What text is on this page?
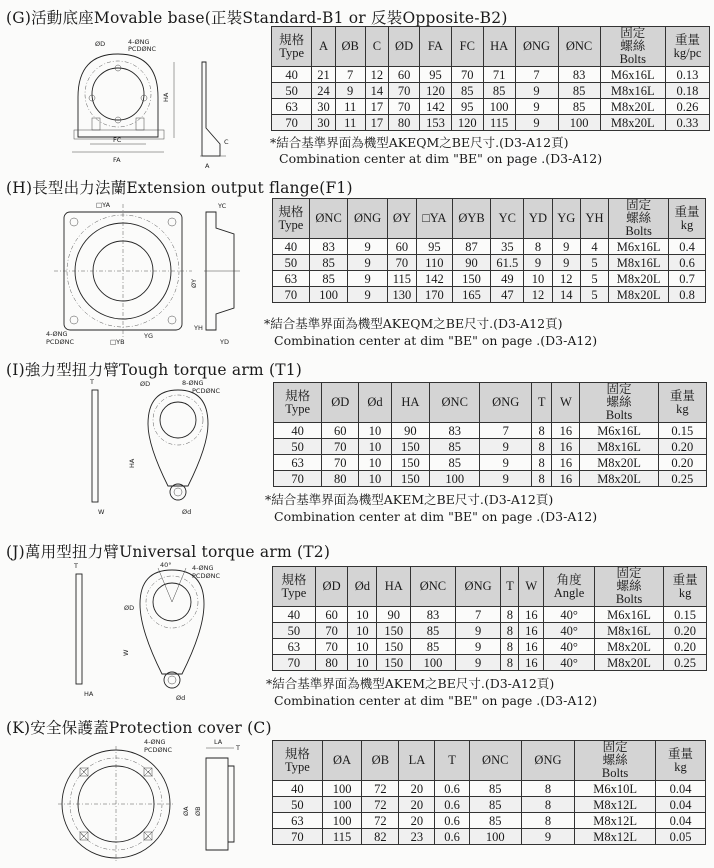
(G)活動底座Movable base(正裝Standard-B1 or 反裝Opposite-B2)
ØD	4-ØNG
PCDØNC
HA
FC
FA
C
A
規格
Type	A	ØB	C	ØD	FA	FC	HA	ØNG	ØNC	固定
螺絲
Bolts	重量
kg/pc
40	21	7	12	60	95	70	71	7	83	M6x16L	0.13
50	24	9	14	70	120	85	85	9	85	M8x16L	0.18
63	30	11	17	70	142	95	100	9	85	M8x20L	0.26
70	30	11	17	80	153	120	115	9	100	M8x20L	0.33
*結合基準界面為機型AKEQM之BE尺寸.(D3-A12頁)
Combination center at dim "BE" on page .(D3-A12)
(H)長型出力法蘭Extension output flange(F1)
□YA	YC
ØY
4-ØNG
PCDØNC	□YB
YG
YH
YD
規格
Type	ØNC	ØNG	ØY	□YA	ØYB	YC	YD	YG	YH	固定
螺絲
Bolts	重量
kg
40	83	9	60	95	87	35	8	9	4	M6x16L	0.4
50	85	9	70	110	90	61.5	9	9	5	M8x16L	0.6
63	85	9	115	142	150	49	10	12	5	M8x20L	0.7
70	100	9	130	170	165	47	12	14	5	M8x20L	0.8
*結合基準界面為機型AKEQM之BE尺寸.(D3-A12頁)
Combination center at dim "BE" on page .(D3-A12)
(I)強力型扭力臂Tough torque arm (T1)
T
W
ØD	8-ØNG
PCDØNC
HA
Ød
規格
Type	ØD	Ød	HA	ØNC	ØNG	T	W	固定
螺絲
Bolts	重量
kg
40	60	10	90	83	7	8	16	M6x16L	0.15
50	70	10	150	85	9	8	16	M8x16L	0.20
63	70	10	150	85	9	8	16	M8x20L	0.20
70	80	10	150	100	9	8	16	M8x20L	0.25
*結合基準界面為機型AKEM之BE尺寸.(D3-A12頁)
Combination center at dim "BE" on page .(D3-A12)
(J)萬用型扭力臂Universal torque arm (T2)
T
HA
40°	4-ØNG
PCDØNC
ØD
W
Ød
規格
Type	ØD	Ød	HA	ØNC	ØNG	T	W	角度
Angle	固定
螺絲
Bolts	重量
kg
40	60	10	90	83	7	8	16	40°	M6x16L	0.15
50	70	10	150	85	9	8	16	40°	M8x16L	0.20
63	70	10	150	85	9	8	16	40°	M8x20L	0.20
70	80	10	150	100	9	8	16	40°	M8x20L	0.25
*結合基準界面為機型AKEM之BE尺寸.(D3-A12頁)
Combination center at dim "BE" on page .(D3-A12)
(K)安全保護蓋Protection cover (C)
4-ØNG
PCDØNC
LA
T
ØA ØB
規格
Type	ØA	ØB	LA	T	ØNC	ØNG	固定
螺絲
Bolts	重量
kg
40	100	72	20	0.6	85	8	M6x10L	0.04
50	100	72	20	0.6	85	8	M8x12L	0.04
63	100	72	20	0.6	85	8	M8x12L	0.04
70	115	82	23	0.6	100	9	M8x12L	0.05
